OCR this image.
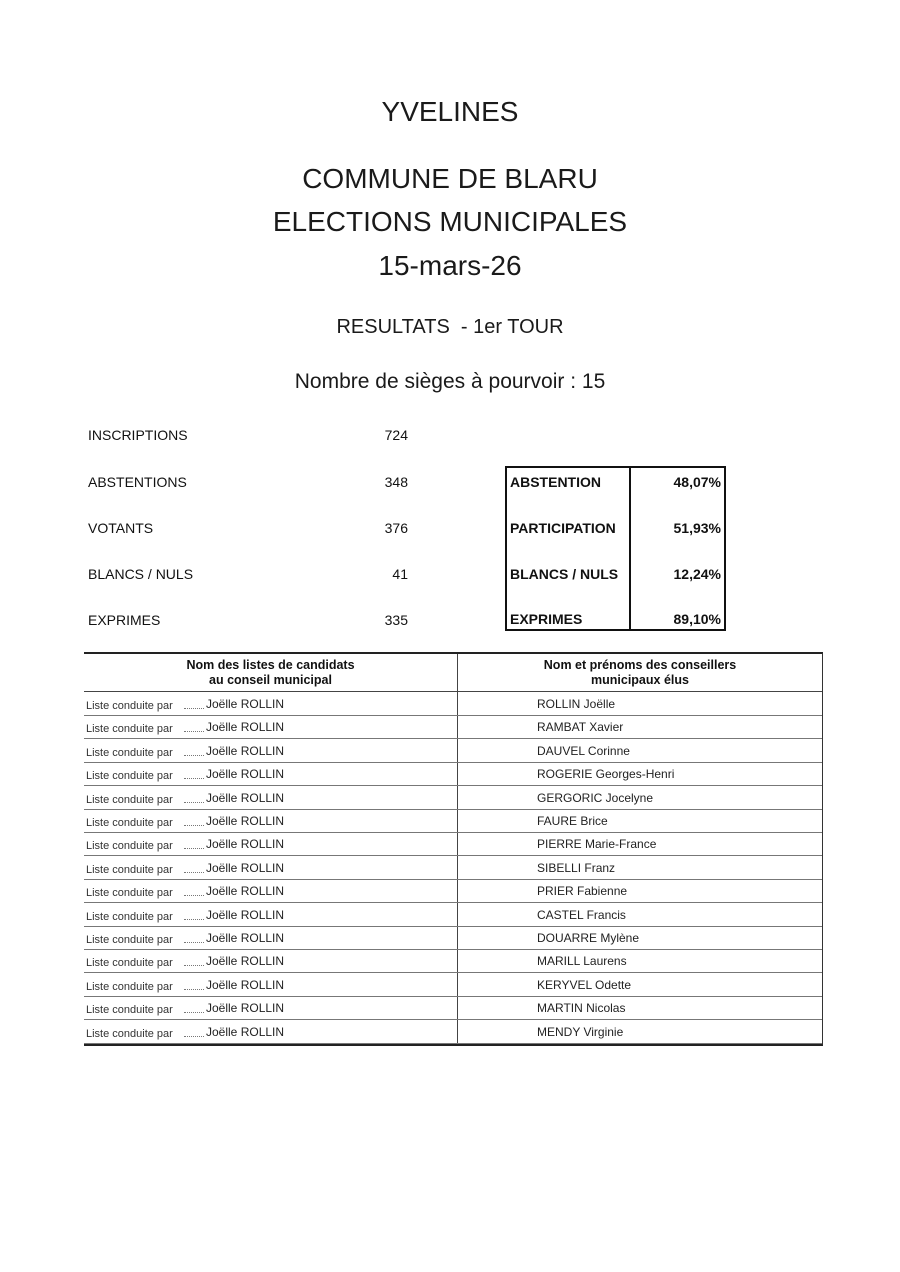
YVELINES
COMMUNE DE BLARU
ELECTIONS MUNICIPALES
15-mars-26
RESULTATS  - 1er TOUR
Nombre de sièges à pourvoir : 15
INSCRIPTIONS	724
ABSTENTIONS	348
VOTANTS	376
BLANCS / NULS	41
EXPRIMES	335
ABSTENTION	48,07%
PARTICIPATION	51,93%
BLANCS / NULS	12,24%
EXPRIMES	89,10%
Nom des listes de candidats
au conseil municipal
Nom et prénoms des conseillers
municipaux élus
Liste conduite par	Joëlle ROLLIN	ROLLIN Joëlle
Liste conduite par	Joëlle ROLLIN	RAMBAT Xavier
Liste conduite par	Joëlle ROLLIN	DAUVEL Corinne
Liste conduite par	Joëlle ROLLIN	ROGERIE Georges-Henri
Liste conduite par	Joëlle ROLLIN	GERGORIC Jocelyne
Liste conduite par	Joëlle ROLLIN	FAURE Brice
Liste conduite par	Joëlle ROLLIN	PIERRE Marie-France
Liste conduite par	Joëlle ROLLIN	SIBELLI Franz
Liste conduite par	Joëlle ROLLIN	PRIER Fabienne
Liste conduite par	Joëlle ROLLIN	CASTEL Francis
Liste conduite par	Joëlle ROLLIN	DOUARRE Mylène
Liste conduite par	Joëlle ROLLIN	MARILL Laurens
Liste conduite par	Joëlle ROLLIN	KERYVEL Odette
Liste conduite par	Joëlle ROLLIN	MARTIN Nicolas
Liste conduite par	Joëlle ROLLIN	MENDY Virginie
